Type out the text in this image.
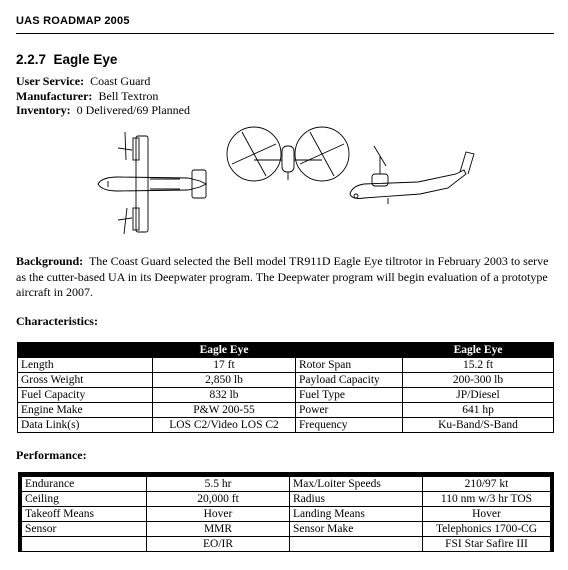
UAS ROADMAP 2005
2.2.7 Eagle Eye
User Service: Coast Guard
Manufacturer: Bell Textron
Inventory: 0 Delivered/69 Planned
Background: The Coast Guard selected the Bell model TR911D Eagle Eye tiltrotor in February 2003 to serve as the cutter-based UA in its Deepwater program. The Deepwater program will begin evaluation of a prototype aircraft in 2007.
Characteristics:
	Eagle Eye		Eagle Eye
Length	17 ft	Rotor Span	15.2 ft
Gross Weight	2,850 lb	Payload Capacity	200-300 lb
Fuel Capacity	832 lb	Fuel Type	JP/Diesel
Engine Make	P&W 200-55	Power	641 hp
Data Link(s)	LOS C2/Video LOS C2	Frequency	Ku-Band/S-Band
Performance:
Endurance	5.5 hr	Max/Loiter Speeds	210/97 kt
Ceiling	20,000 ft	Radius	110 nm w/3 hr TOS
Takeoff Means	Hover	Landing Means	Hover
Sensor	MMR	Sensor Make	Telephonics 1700-CG
	EO/IR		FSI Star Safire III
